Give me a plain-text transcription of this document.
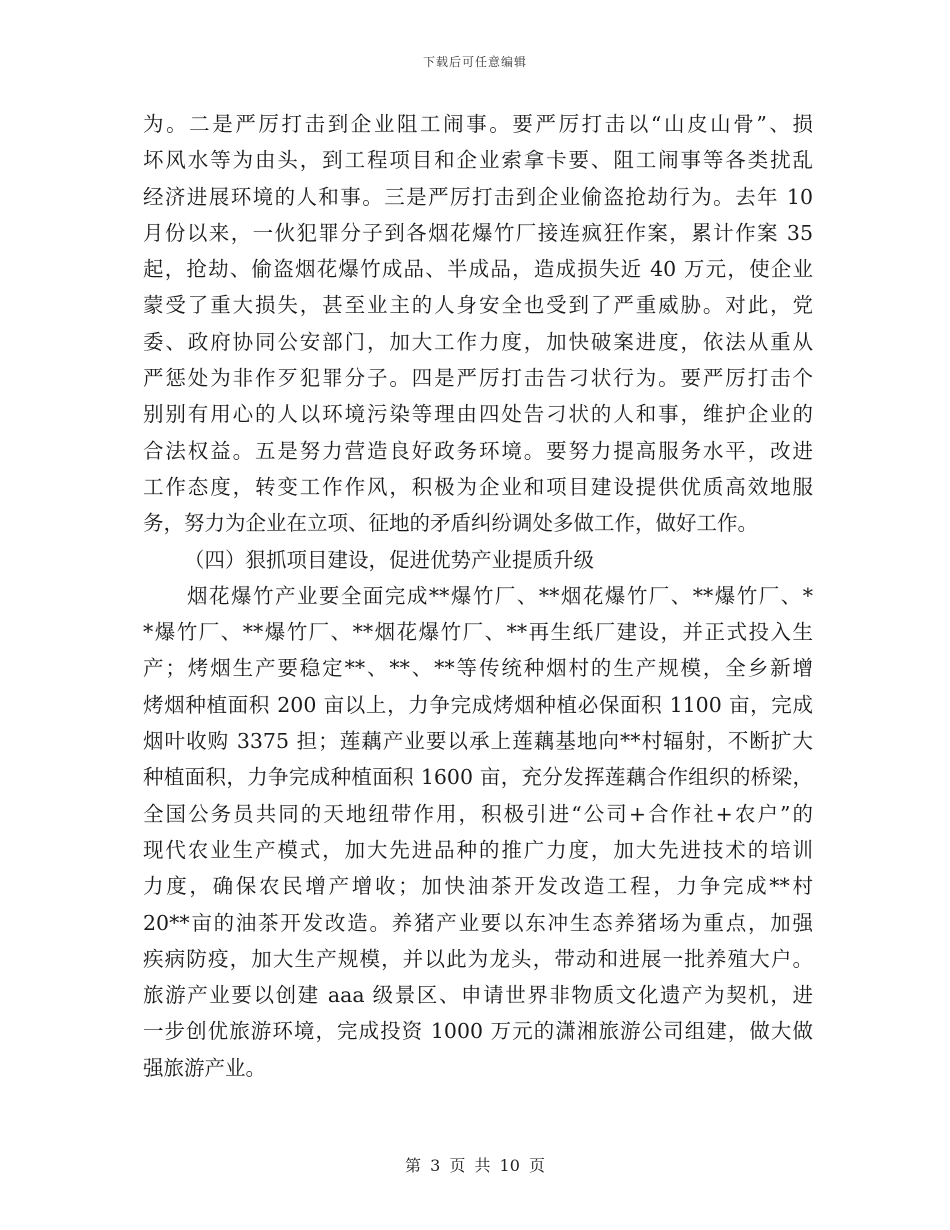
下载后可任意编辑
为。二是严厉打击到企业阻工闹事。要严厉打击以“山皮山骨”、损
坏风水等为由头，到工程项目和企业索拿卡要、阻工闹事等各类扰乱
经济进展环境的人和事。三是严厉打击到企业偷盗抢劫行为。去年 10
月份以来，一伙犯罪分子到各烟花爆竹厂接连疯狂作案，累计作案 35
起，抢劫、偷盗烟花爆竹成品、半成品，造成损失近 40 万元，使企业
蒙受了重大损失，甚至业主的人身安全也受到了严重威胁。对此，党
委、政府协同公安部门，加大工作力度，加快破案进度，依法从重从
严惩处为非作歹犯罪分子。四是严厉打击告刁状行为。要严厉打击个
别别有用心的人以环境污染等理由四处告刁状的人和事，维护企业的
合法权益。五是努力营造良好政务环境。要努力提高服务水平，改进
工作态度，转变工作作风，积极为企业和项目建设提供优质高效地服
务，努力为企业在立项、征地的矛盾纠纷调处多做工作，做好工作。
（四）狠抓项目建设，促进优势产业提质升级
　　烟花爆竹产业要全面完成**爆竹厂、**烟花爆竹厂、**爆竹厂、*
*爆竹厂、**爆竹厂、**烟花爆竹厂、**再生纸厂建设，并正式投入生
产；烤烟生产要稳定**、**、**等传统种烟村的生产规模，全乡新增
烤烟种植面积 200 亩以上，力争完成烤烟种植必保面积 1100 亩，完成
烟叶收购 3375 担；莲藕产业要以承上莲藕基地向**村辐射，不断扩大
种植面积，力争完成种植面积 1600 亩，充分发挥莲藕合作组织的桥梁，
全国公务员共同的天地纽带作用，积极引进“公司+合作社+农户”的
现代农业生产模式，加大先进品种的推广力度，加大先进技术的培训
力度，确保农民增产增收；加快油茶开发改造工程，力争完成**村
20**亩的油茶开发改造。养猪产业要以东冲生态养猪场为重点，加强
疾病防疫，加大生产规模，并以此为龙头，带动和进展一批养殖大户。
旅游产业要以创建 aaa 级景区、申请世界非物质文化遗产为契机，进
一步创优旅游环境，完成投资 1000 万元的潇湘旅游公司组建，做大做
强旅游产业。
第 3 页 共 10 页
